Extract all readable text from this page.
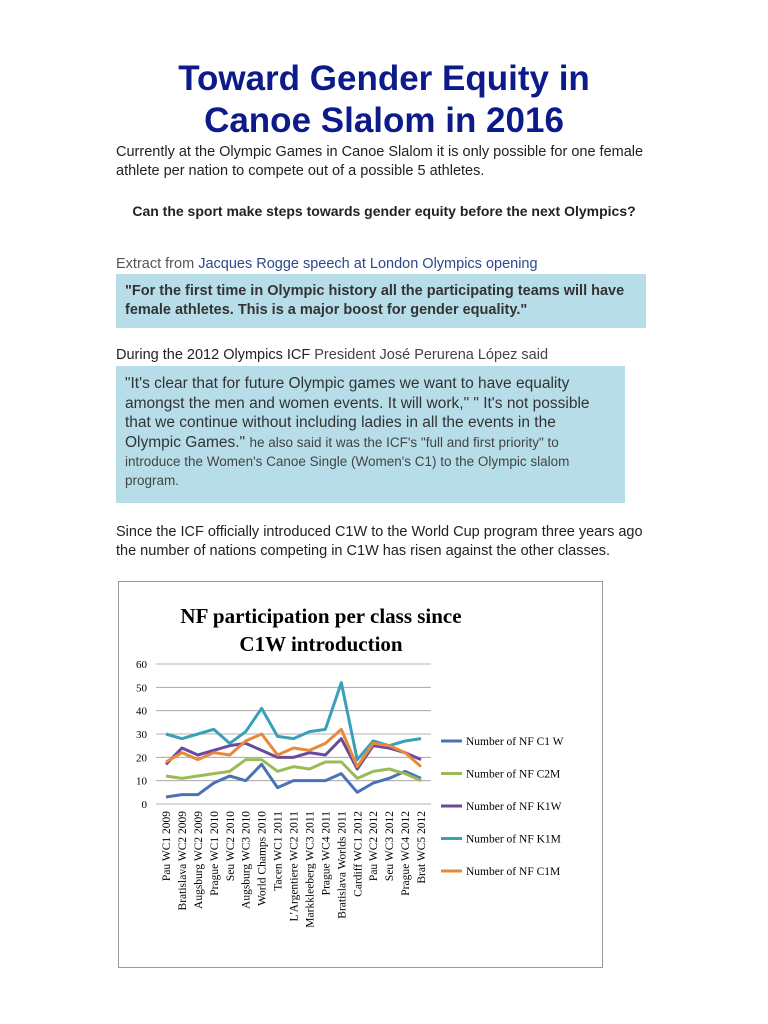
Toward Gender Equity in
Canoe Slalom in 2016

Currently at the Olympic Games in Canoe Slalom it is only possible for one female athlete per nation to compete out of a possible 5 athletes.

Can the sport make steps towards gender equity before the next Olympics?

Extract from Jacques Rogge speech at London Olympics opening

"For the first time in Olympic history all the participating teams will have female athletes. This is a major boost for gender equality."

During the 2012 Olympics ICF President José Perurena López said

"It's clear that for future Olympic games we want to have equality amongst the men and women events. It will work," " It's not possible that we continue without including ladies in all the events in the Olympic Games." he also said it was the ICF's "full and first priority" to introduce the Women's Canoe Single (Women's C1) to the Olympic slalom program.

Since the ICF officially introduced C1W to the World Cup program three years ago the number of nations competing in C1W has risen against the other classes.

NF participation per class since
C1W introduction
0
10
20
30
40
50
60
Pau WC1 2009 Bratislava WC2 2009 Augsburg WC2 2009 Prague WC1 2010 Seu WC2 2010 Augsburg WC3 2010 World Champs 2010 Tacen WC1 2011 L'Argentiere WC2 2011 Markkleeberg WC3 2011 Prague WC4 2011 Bratislava Worlds 2011 Cardiff WC1 2012 Pau WC2 2012 Seu WC3 2012 Prague WC4 2012 Brat WC5 2012
Number of NF C1 W
Number of NF C2M
Number of NF K1W
Number of NF K1M
Number of NF C1M
